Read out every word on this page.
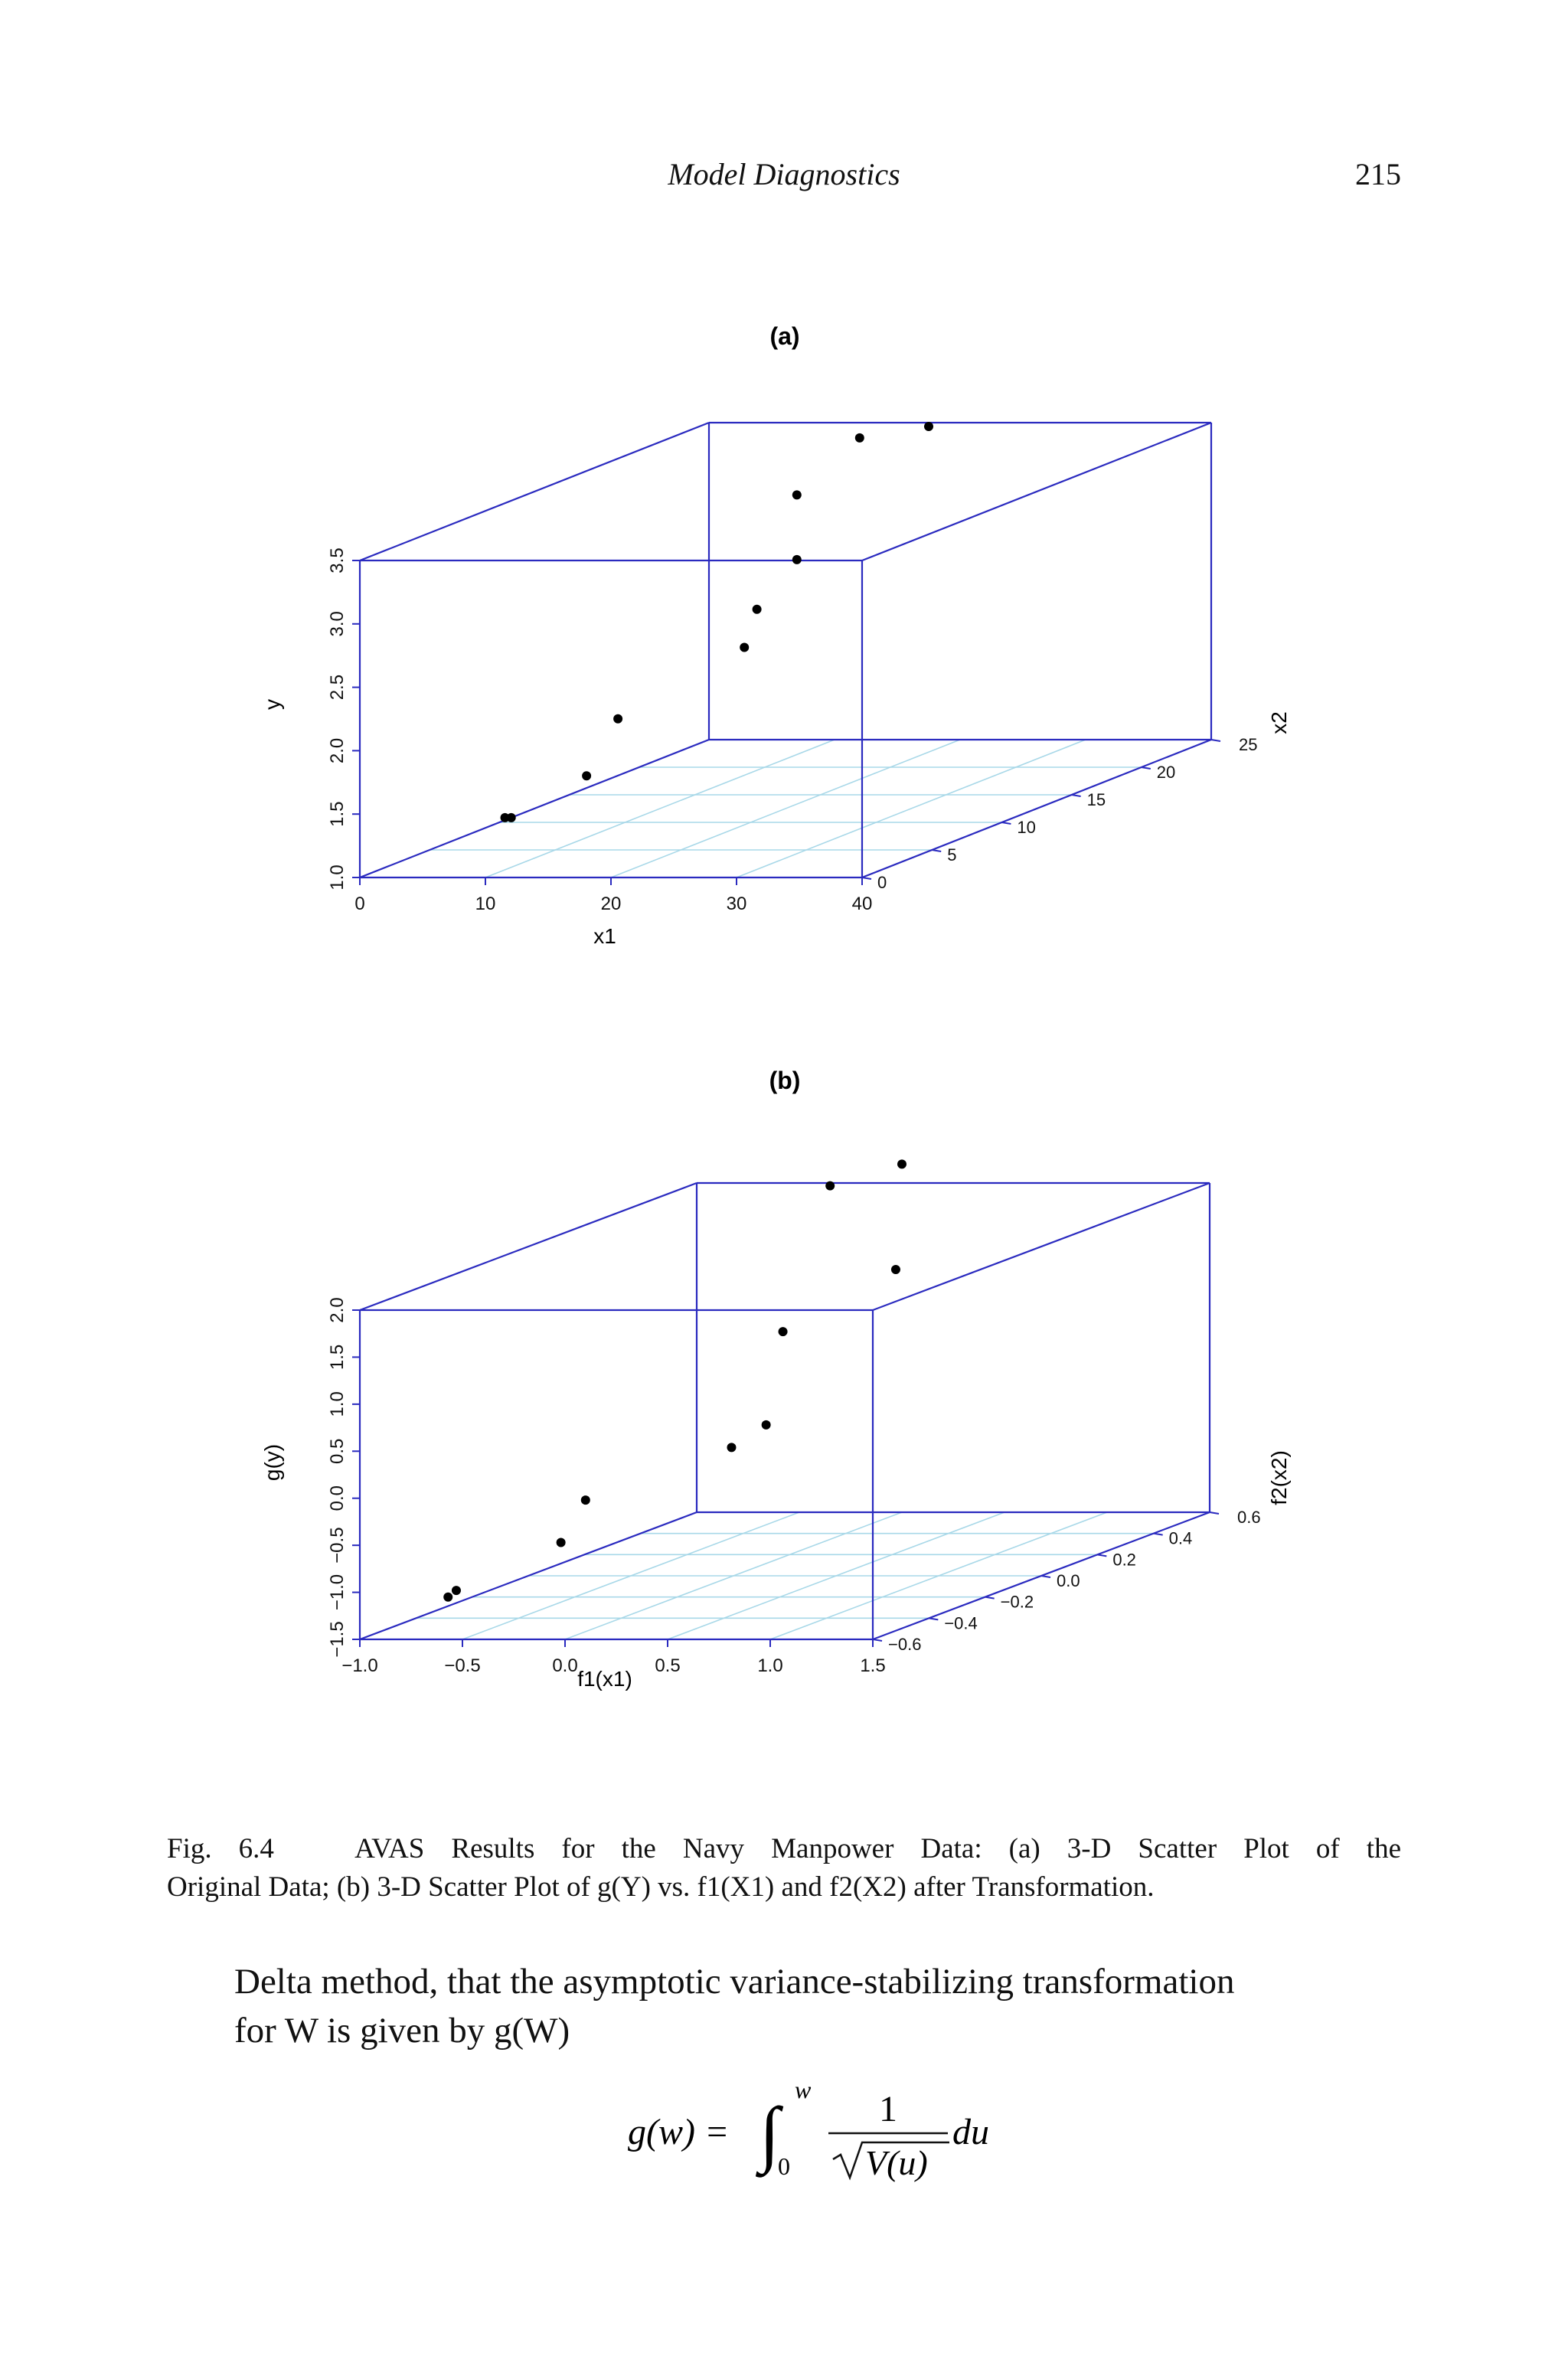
Model Diagnostics	215
(a)
0	10	20	30	40
0
5
10
15
20
25
1.0
1.5
2.0
2.5
3.0
3.5
x1
x2
y
(b)
−1.0	−0.5	0.0	0.5	1.0	1.5
−0.6
−0.4
−0.2
0.0
0.2
0.4
0.6
−1.5
−1.0
−0.5
0.0
0.5
1.0
1.5
2.0
f1(x1)
f2(x2)
g(y)
Fig. 6.4	AVAS Results for the Navy Manpower Data: (a) 3-D Scatter Plot of the
Original Data; (b) 3-D Scatter Plot of g(Y) vs. f1(X1) and f2(X2) after Transformation.
Delta method, that the asymptotic variance-stabilizing transformation
for W is given by g(W)
g(w) = ∫
w
0
1
V(u)
du
